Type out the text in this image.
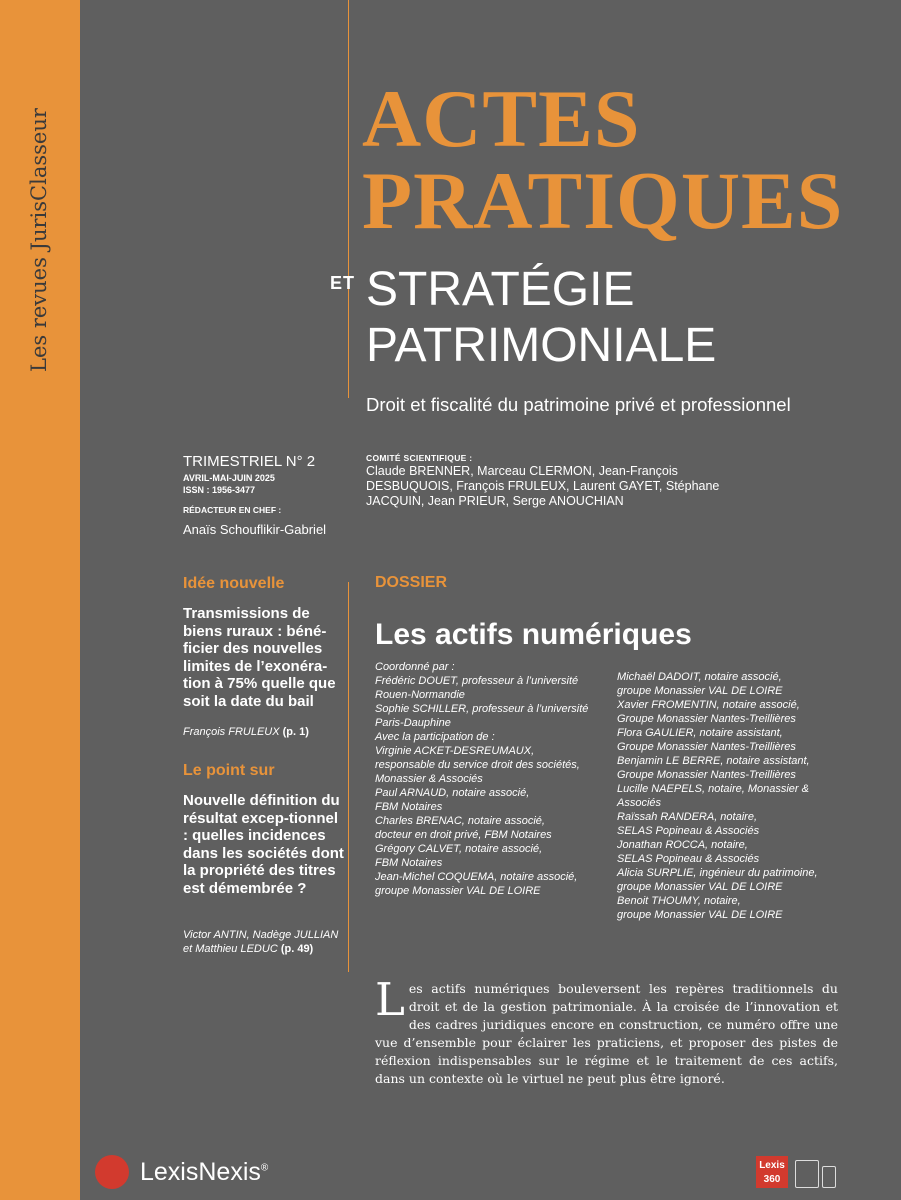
Les revues JurisClasseur	ACTES
PRATIQUES
ET STRATÉGIE
PATRIMONIALE
Droit et fiscalité du patrimoine privé et professionnel
TRIMESTRIEL N° 2
AVRIL-MAI-JUIN 2025
ISSN : 1956-3477
RÉDACTEUR EN CHEF :
Anaïs Schouflikir-Gabriel
COMITÉ SCIENTIFIQUE :
Claude BRENNER, Marceau CLERMON, Jean-François DESBUQUOIS, François FRULEUX, Laurent GAYET, Stéphane JACQUIN, Jean PRIEUR, Serge ANOUCHIAN
Idée nouvelle
Transmissions de biens ruraux : béné-ficier des nouvelles limites de l’exonéra-tion à 75% quelle que soit la date du bail
François FRULEUX (p. 1)
Le point sur
Nouvelle définition du résultat excep-tionnel : quelles incidences dans les sociétés dont la propriété des titres est démembrée ?
Victor ANTIN, Nadège JULLIAN et Matthieu LEDUC (p. 49)
DOSSIER
Les actifs numériques
Coordonné par :
Frédéric DOUET, professeur à l’université
Rouen-Normandie
Sophie SCHILLER, professeur à l’université
Paris-Dauphine
Avec la participation de :
Virginie ACKET-DESREUMAUX,
responsable du service droit des sociétés,
Monassier & Associés
Paul ARNAUD, notaire associé,
FBM Notaires
Charles BRENAC, notaire associé,
docteur en droit privé, FBM Notaires
Grégory CALVET, notaire associé,
FBM Notaires
Jean-Michel COQUEMA, notaire associé,
groupe Monassier VAL DE LOIRE
Michaël DADOIT, notaire associé,
groupe Monassier VAL DE LOIRE
Xavier FROMENTIN, notaire associé,
Groupe Monassier Nantes-Treillières
Flora GAULIER, notaire assistant,
Groupe Monassier Nantes-Treillières
Benjamin LE BERRE, notaire assistant,
Groupe Monassier Nantes-Treillières
Lucille NAEPELS, notaire, Monassier &
Associés
Raïssah RANDERA, notaire,
SELAS Popineau & Associés
Jonathan ROCCA, notaire,
SELAS Popineau & Associés
Alicia SURPLIE, ingénieur du patrimoine,
groupe Monassier VAL DE LOIRE
Benoit THOUMY, notaire,
groupe Monassier VAL DE LOIRE
Les actifs numériques bouleversent les repères traditionnels du droit et de la gestion patrimoniale. À la croisée de l’innovation et des cadres juridiques encore en construction, ce numéro offre une vue d’ensemble pour éclairer les praticiens, et proposer des pistes de réflexion indispensables sur le régime et le traitement de ces actifs, dans un contexte où le virtuel ne peut plus être ignoré.
LexisNexis®	Lexis
360
